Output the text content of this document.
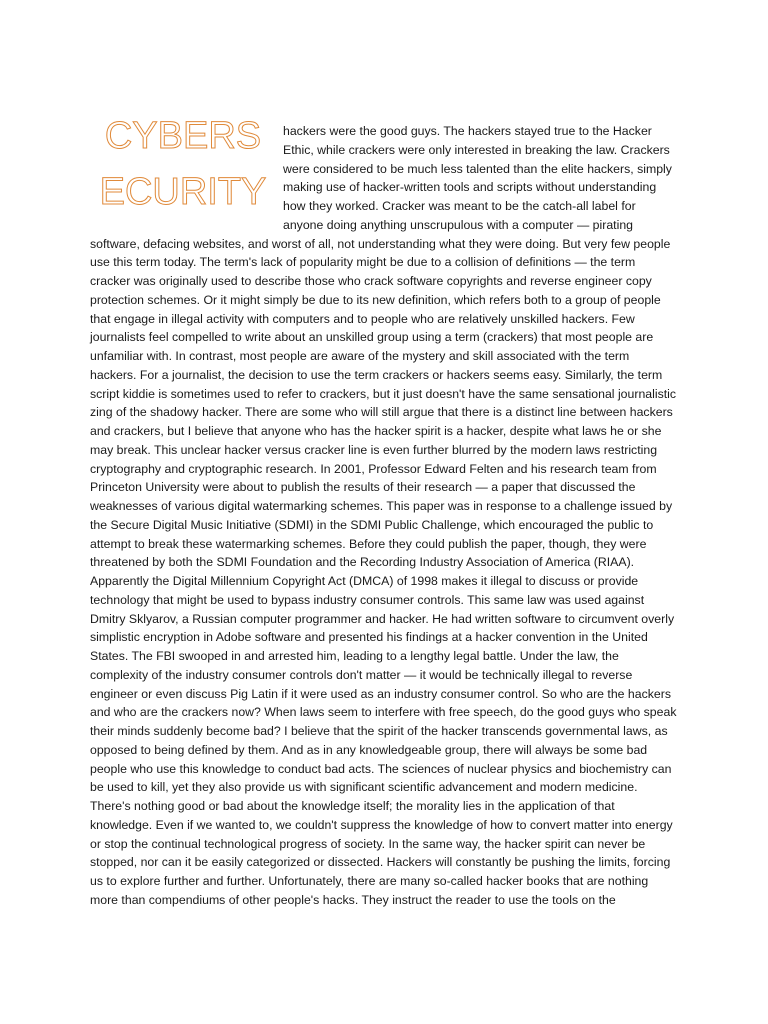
CYBERS
ECURITY

hackers were the good guys. The hackers stayed true to the Hacker Ethic, while crackers were only interested in breaking the law. Crackers were considered to be much less talented than the elite hackers, simply making use of hacker-written tools and scripts without understanding how they worked. Cracker was meant to be the catch-all label for anyone doing anything unscrupulous with a computer — pirating software, defacing websites, and worst of all, not understanding what they were doing. But very few people use this term today. The term's lack of popularity might be due to a collision of definitions — the term cracker was originally used to describe those who crack software copyrights and reverse engineer copy protection schemes. Or it might simply be due to its new definition, which refers both to a group of people that engage in illegal activity with computers and to people who are relatively unskilled hackers. Few journalists feel compelled to write about an unskilled group using a term (crackers) that most people are unfamiliar with. In contrast, most people are aware of the mystery and skill associated with the term hackers. For a journalist, the decision to use the term crackers or hackers seems easy. Similarly, the term script kiddie is sometimes used to refer to crackers, but it just doesn't have the same sensational journalistic zing of the shadowy hacker. There are some who will still argue that there is a distinct line between hackers and crackers, but I believe that anyone who has the hacker spirit is a hacker, despite what laws he or she may break. This unclear hacker versus cracker line is even further blurred by the modern laws restricting cryptography and cryptographic research. In 2001, Professor Edward Felten and his research team from Princeton University were about to publish the results of their research — a paper that discussed the weaknesses of various digital watermarking schemes. This paper was in response to a challenge issued by the Secure Digital Music Initiative (SDMI) in the SDMI Public Challenge, which encouraged the public to attempt to break these watermarking schemes. Before they could publish the paper, though, they were threatened by both the SDMI Foundation and the Recording Industry Association of America (RIAA). Apparently the Digital Millennium Copyright Act (DMCA) of 1998 makes it illegal to discuss or provide technology that might be used to bypass industry consumer controls. This same law was used against Dmitry Sklyarov, a Russian computer programmer and hacker. He had written software to circumvent overly simplistic encryption in Adobe software and presented his findings at a hacker convention in the United States. The FBI swooped in and arrested him, leading to a lengthy legal battle. Under the law, the complexity of the industry consumer controls don't matter — it would be technically illegal to reverse engineer or even discuss Pig Latin if it were used as an industry consumer control. So who are the hackers and who are the crackers now? When laws seem to interfere with free speech, do the good guys who speak their minds suddenly become bad? I believe that the spirit of the hacker transcends governmental laws, as opposed to being defined by them. And as in any knowledgeable group, there will always be some bad people who use this knowledge to conduct bad acts. The sciences of nuclear physics and biochemistry can be used to kill, yet they also provide us with significant scientific advancement and modern medicine. There's nothing good or bad about the knowledge itself; the morality lies in the application of that knowledge. Even if we wanted to, we couldn't suppress the knowledge of how to convert matter into energy or stop the continual technological progress of society. In the same way, the hacker spirit can never be stopped, nor can it be easily categorized or dissected. Hackers will constantly be pushing the limits, forcing us to explore further and further. Unfortunately, there are many so-called hacker books that are nothing more than compendiums of other people's hacks. They instruct the reader to use the tools on the
